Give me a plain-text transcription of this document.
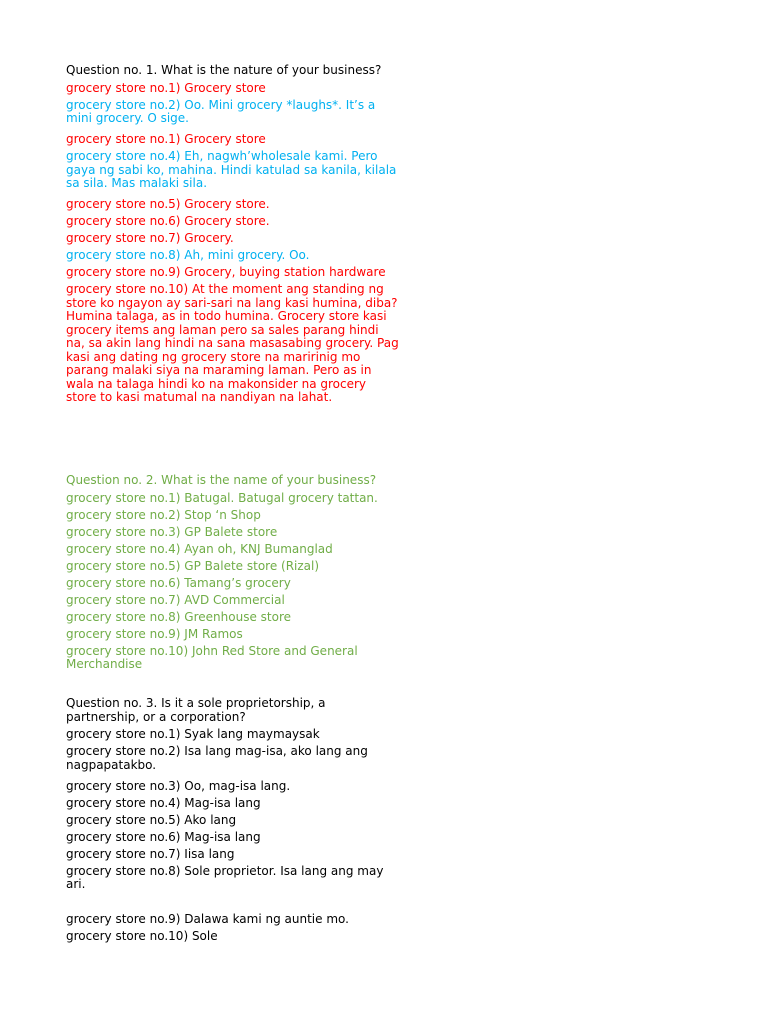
Question no. 1. What is the nature of your business?
grocery store no.1) Grocery store
grocery store no.2) Oo. Mini grocery *laughs*. It’s a mini grocery. O sige.
grocery store no.1) Grocery store
grocery store no.4) Eh, nagwh’wholesale kami. Pero gaya ng sabi ko, mahina. Hindi katulad sa kanila, kilala sa sila. Mas malaki sila.
grocery store no.5) Grocery store.
grocery store no.6) Grocery store.
grocery store no.7) Grocery.
grocery store no.8) Ah, mini grocery. Oo.
grocery store no.9) Grocery, buying station hardware
grocery store no.10) At the moment ang standing ng store ko ngayon ay sari-sari na lang kasi humina, diba? Humina talaga, as in todo humina. Grocery store kasi grocery items ang laman pero sa sales parang hindi na, sa akin lang hindi na sana masasabing grocery. Pag kasi ang dating ng grocery store na maririnig mo parang malaki siya na maraming laman. Pero as in wala na talaga hindi ko na makonsider na grocery store to kasi matumal na nandiyan na lahat.
Question no. 2. What is the name of your business?
grocery store no.1) Batugal. Batugal grocery tattan.
grocery store no.2) Stop ‘n Shop
grocery store no.3) GP Balete store
grocery store no.4) Ayan oh, KNJ Bumanglad
grocery store no.5) GP Balete store (Rizal)
grocery store no.6) Tamang’s grocery
grocery store no.7) AVD Commercial
grocery store no.8) Greenhouse store
grocery store no.9) JM Ramos
grocery store no.10) John Red Store and General Merchandise
Question no. 3. Is it a sole proprietorship, a partnership, or a corporation?
grocery store no.1) Syak lang maymaysak
grocery store no.2) Isa lang mag-isa, ako lang ang nagpapatakbo.
grocery store no.3) Oo, mag-isa lang.
grocery store no.4) Mag-isa lang
grocery store no.5) Ako lang
grocery store no.6) Mag-isa lang
grocery store no.7) Iisa lang
grocery store no.8) Sole proprietor. Isa lang ang may ari.
grocery store no.9) Dalawa kami ng auntie mo.
grocery store no.10) Sole
